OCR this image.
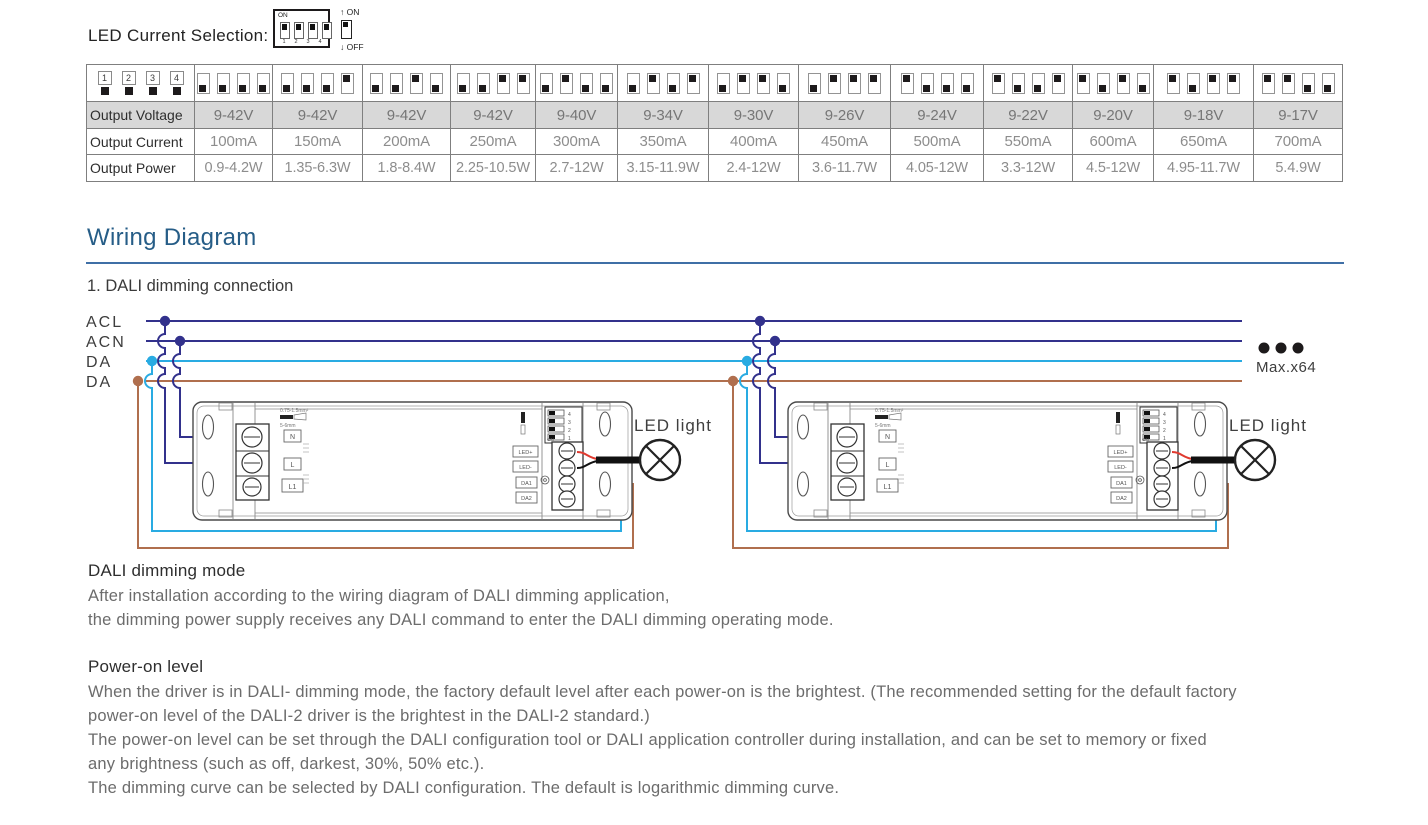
LED Current Selection:
ON
1	2	3	4
↑ ON
↓ OFF
1 2 3 4													

Output Voltage	9-42V	9-42V	9-42V	9-42V	9-40V	9-34V	9-30V	9-26V	9-24V	9-22V	9-20V	9-18V	9-17V
Output Current	100mA	150mA	200mA	250mA	300mA	350mA	400mA	450mA	500mA	550mA	600mA	650mA	700mA
Output Power	0.9-4.2W	1.35-6.3W	1.8-8.4W	2.25-10.5W	2.7-12W	3.15-11.9W	2.4-12W	3.6-11.7W	4.05-12W	3.3-12W	4.5-12W	4.95-11.7W	5.4.9W
Wiring Diagram
1. DALI dimming connection
ACL
ACN
DA
DA
Max.x64
0.75-1.5mm²
5-6mm
N
L
L1
4
3
2
1
ON
LED+
LED-
DA1
DA2
LED light
0.75-1.5mm²
5-6mm
N
L
L1
4
3
2
1
ON
LED+
LED-
DA1
DA2
LED light
DALI dimming mode
After installation according to the wiring diagram of DALI dimming application,
the dimming power supply receives any DALI command to enter the DALI dimming operating mode.
Power-on level
When the driver is in DALI- dimming mode, the factory default level after each power-on is the brightest. (The recommended setting for the default factory
power-on level of the DALI-2 driver is the brightest in the DALI-2 standard.)
The power-on level can be set through the DALI configuration tool or DALI application controller during installation, and can be set to memory or fixed
any brightness (such as off, darkest, 30%, 50% etc.).
The dimming curve can be selected by DALI configuration. The default is logarithmic dimming curve.
